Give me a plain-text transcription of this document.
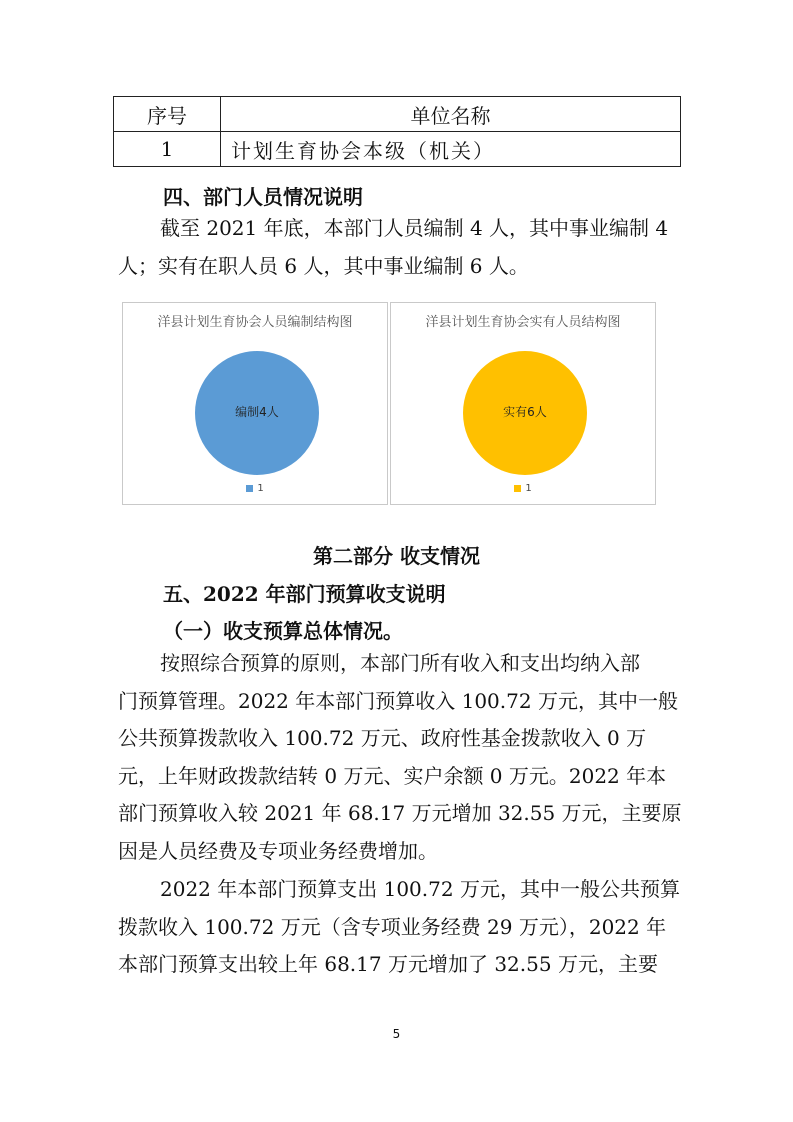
序号	单位名称
1	计划生育协会本级（机关）
四、部门人员情况说明

截至 2021 年底，本部门人员编制 4 人，其中事业编制 4
人；实有在职人员 6 人，其中事业编制 6 人。

洋县计划生育协会人员编制结构图
编制4人
1
洋县计划生育协会实有人员结构图
实有6人
1
第二部分 收支情况
五、2022 年部门预算收支说明
（一）收支预算总体情况。

按照综合预算的原则，本部门所有收入和支出均纳入部
门预算管理。2022 年本部门预算收入 100.72 万元，其中一般
公共预算拨款收入 100.72 万元、政府性基金拨款收入 0 万
元，上年财政拨款结转 0 万元、实户余额 0 万元。2022 年本
部门预算收入较 2021 年 68.17 万元增加 32.55 万元，主要原
因是人员经费及专项业务经费增加。

2022 年本部门预算支出 100.72 万元，其中一般公共预算
拨款收入 100.72 万元（含专项业务经费 29 万元），2022 年
本部门预算支出较上年 68.17 万元增加了 32.55 万元，主要

5
